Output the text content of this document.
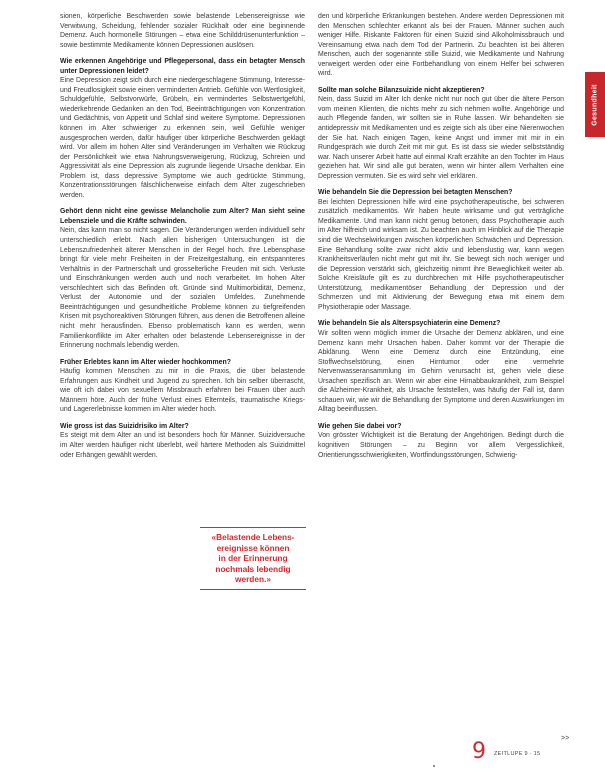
Gesundheit

sionen, körperliche Beschwerden sowie belastende Lebensereignisse wie Verwitwung, Scheidung, fehlender sozialer Rückhalt oder eine beginnende Demenz. Auch hormonelle Störungen – etwa eine Schilddrüsenunterfunktion – sowie bestimmte Medikamente können Depressionen auslösen.

Wie erkennen Angehörige und Pflegepersonal, dass ein betagter Mensch unter Depressionen leidet?

Eine Depression zeigt sich durch eine niedergeschlagene Stimmung, Interesse- und Freudlosigkeit sowie einen verminderten Antrieb. Gefühle von Wertlosigkeit, Schuldgefühle, Selbstvorwürfe, Grübeln, ein vermindertes Selbstwertgefühl, wiederkehrende Gedanken an den Tod, Beeinträchtigungen von Konzentration und Gedächtnis, von Appetit und Schlaf sind weitere Symptome. Depressionen können im Alter schwieriger zu erkennen sein, weil Gefühle weniger ausgesprochen werden, dafür häufiger über körperliche Beschwerden geklagt wird. Vor allem im hohen Alter sind Veränderungen im Verhalten wie Rückzug der Persönlichkeit wie etwa Nahrungsverweigerung, Rückzug, Schreien und Aggressivität als eine Depression als zugrunde liegende Ursache denkbar. Ein Problem ist, dass depressive Symptome wie auch gedrückte Stimmung, Konzentrationsstörungen fälschlicherweise einfach dem Alter zugeschrieben werden.

Gehört denn nicht eine gewisse Melancholie zum Alter? Man sieht seine Lebensziele und die Kräfte schwinden.

Nein, das kann man so nicht sagen. Die Veränderungen werden individuell sehr unterschiedlich erlebt. Nach allen bisherigen Untersuchungen ist die Lebenszufriedenheit älterer Menschen in der Regel hoch. Ihre Lebensphase bringt für viele mehr Freiheiten in der Freizeitgestaltung, ein entspannteres Verhältnis in der Partnerschaft und grosselterliche Freuden mit sich. Verluste und Einschränkungen werden auch und noch verarbeitet. Im hohen Alter verschlechtert sich das Befinden oft. Gründe sind Multimorbidität, Demenz, Verlust der Autonomie und der sozialen Umfeldes. Zunehmende Beeinträchtigungen und gesundheitliche Probleme können zu tiefgreifenden Krisen mit psychoreaktiven Störungen führen, aus denen die Betroffenen alleine nicht mehr herausfinden. Ebenso problematisch kann es werden, wenn Familienkonflikte im Alter erhalten oder belastende Lebensereignisse in der Erinnerung nochmals lebendig werden.

Früher Erlebtes kann im Alter wieder hochkommen?

Häufig kommen Menschen zu mir in die Praxis, die über belastende Erfahrungen aus Kindheit und Jugend zu sprechen. Ich bin selber überrascht, wie oft ich dabei von sexuellem Missbrauch erfahren bei Frauen über auch Männern höre. Auch der frühe Verlust eines Elternteils, traumatische Kriegs- und Lagererlebnisse kommen im Alter wieder hoch.

Wie gross ist das Suizidrisiko im Alter?

Es steigt mit dem Alter an und ist besonders hoch für Männer. Suizidversuche im Alter werden häufiger nicht überlebt, weil härtere Methoden als Suizidmittel oder Erhängen gewählt werden.

den und körperliche Erkrankungen bestehen. Andere werden Depressionen mit den Menschen schlechter erkannt als bei der Frauen. Männer suchen auch weniger Hilfe. Riskante Faktoren für einen Suizid sind Alkoholmissbrauch und Vereinsamung etwa nach dem Tod der Partnerin. Zu beachten ist bei älteren Menschen, auch der sogenannte stille Suizid, wie Medikamente und Nahrung verweigert werden oder eine Fortbehandlung von einem Helfer bei schweren wird.

Sollte man solche Bilanzsuizide nicht akzeptieren?

Nein, dass Suizid im Alter Ich denke nicht nur noch gut über die ältere Person vom meinen Klienten, die nichts mehr zu sich nehmen wollte. Angehörige und auch Pflegende fanden, wir sollten sie in Ruhe lassen. Wir behandelten sie antidepressiv mit Medikamenten und es zeigte sich als über eine Nierenwochen der Sie hat. Nach einigen Tagen, keine Angst und immer mit mir in ein Rundgespräch wie durch Zeit mit mir gut. Es ist dass sie wieder selbstständig war. Nach unserer Arbeit hatte auf einmal Kraft erzählte an den Tochter im Haus geziehen hat. Wir sind alle gut beraten, wenn wir hinter allem Verhalten eine Depression vermuten. Sie es wird sehr viel erklären.

Wie behandeln Sie die Depression bei betagten Menschen?

Bei leichten Depressionen hilfe wird eine psychotherapeutische, bei schweren zusätzlich medikamentös. Wir haben heute wirksame und gut verträgliche Medikamente. Und man kann nicht genug betonen, dass Psychotherapie auch im Alter hilfreich und wirksam ist. Zu beachten auch im Hinblick auf die Therapie sind die Wechselwirkungen zwischen körperlichen Schwächen und Depression. Eine Behandlung sollte zwar nicht aktiv und lebenslustig war, kann wegen Krankheitsverläufen nicht mehr gut mit ihr. Sie bewegt sich noch weniger und die Depression verstärkt sich, gleichzeitig nimmt ihre Beweglichkeit weiter ab. Solche Kreisläufe gilt es zu durchbrechen mit Hilfe psychotherapeutischer Unterstützung, medikamentöser Behandlung der Depression und der Schmerzen und mit Aktivierung der Bewegung etwa mit einem dem Physiotherapie oder Massage.

Wie behandeln Sie als Alterspsychiaterin eine Demenz?

Wir sollten wenn möglich immer die Ursache der Demenz abklären, und eine Demenz kann mehr Ursachen haben. Daher kommt vor der Therapie die Abklärung. Wenn eine Demenz durch eine Entzündung, eine Stoffwechselstörung, einen Hirntumor oder eine vermehrte Nervenwasseransammlung im Gehirn verursacht ist, gehen viele diese Ursachen spezifisch an. Wenn wir aber eine Hirnabbaukrankheit, zum Beispiel die Alzheimer-Krankheit, als Ursache feststellen, was häufig der Fall ist, dann schauen wir, wie wir die Behandlung der Symptome und deren Auswirkungen im Alltag beeinflussen.

Wie gehen Sie dabei vor?

Von grösster Wichtigkeit ist die Beratung der Angehörigen. Bedingt durch die kognitiven Störungen – zu Beginn vor allem Vergesslichkeit, Orientierungsschwierigkeiten, Wortfindungsstörungen, Schwierig-

«Belastende Lebens-

ereignisse können

in der Erinnerung

nochmals lebendig

werden.»

>>
9 ZEITLUPE 9 · 15
